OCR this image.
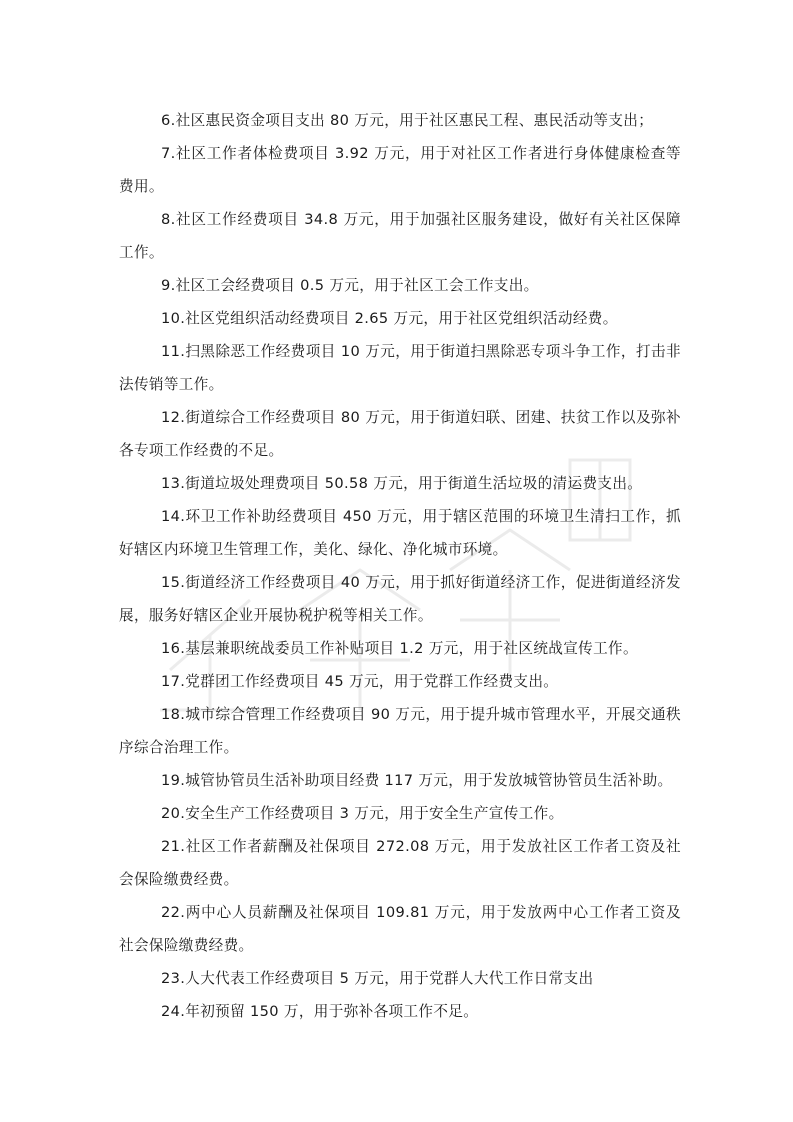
6.社区惠民资金项目支出 80 万元，用于社区惠民工程、惠民活动等支出；

7.社区工作者体检费项目 3.92 万元，用于对社区工作者进行身体健康检查等费用。

8.社区工作经费项目 34.8 万元，用于加强社区服务建设，做好有关社区保障工作。

9.社区工会经费项目 0.5 万元，用于社区工会工作支出。

10.社区党组织活动经费项目 2.65 万元，用于社区党组织活动经费。

11.扫黑除恶工作经费项目 10 万元，用于街道扫黑除恶专项斗争工作，打击非法传销等工作。

12.街道综合工作经费项目 80 万元，用于街道妇联、团建、扶贫工作以及弥补各专项工作经费的不足。

13.街道垃圾处理费项目 50.58 万元，用于街道生活垃圾的清运费支出。

14.环卫工作补助经费项目 450 万元，用于辖区范围的环境卫生清扫工作，抓好辖区内环境卫生管理工作，美化、绿化、净化城市环境。

15.街道经济工作经费项目 40 万元，用于抓好街道经济工作，促进街道经济发展，服务好辖区企业开展协税护税等相关工作。

16.基层兼职统战委员工作补贴项目 1.2 万元，用于社区统战宣传工作。

17.党群团工作经费项目 45 万元，用于党群工作经费支出。

18.城市综合管理工作经费项目 90 万元，用于提升城市管理水平，开展交通秩序综合治理工作。

19.城管协管员生活补助项目经费 117 万元，用于发放城管协管员生活补助。

20.安全生产工作经费项目 3 万元，用于安全生产宣传工作。

21.社区工作者薪酬及社保项目 272.08 万元，用于发放社区工作者工资及社会保险缴费经费。

22.两中心人员薪酬及社保项目 109.81 万元，用于发放两中心工作者工资及社会保险缴费经费。

23.人大代表工作经费项目 5 万元，用于党群人大代工作日常支出

24.年初预留 150 万，用于弥补各项工作不足。
